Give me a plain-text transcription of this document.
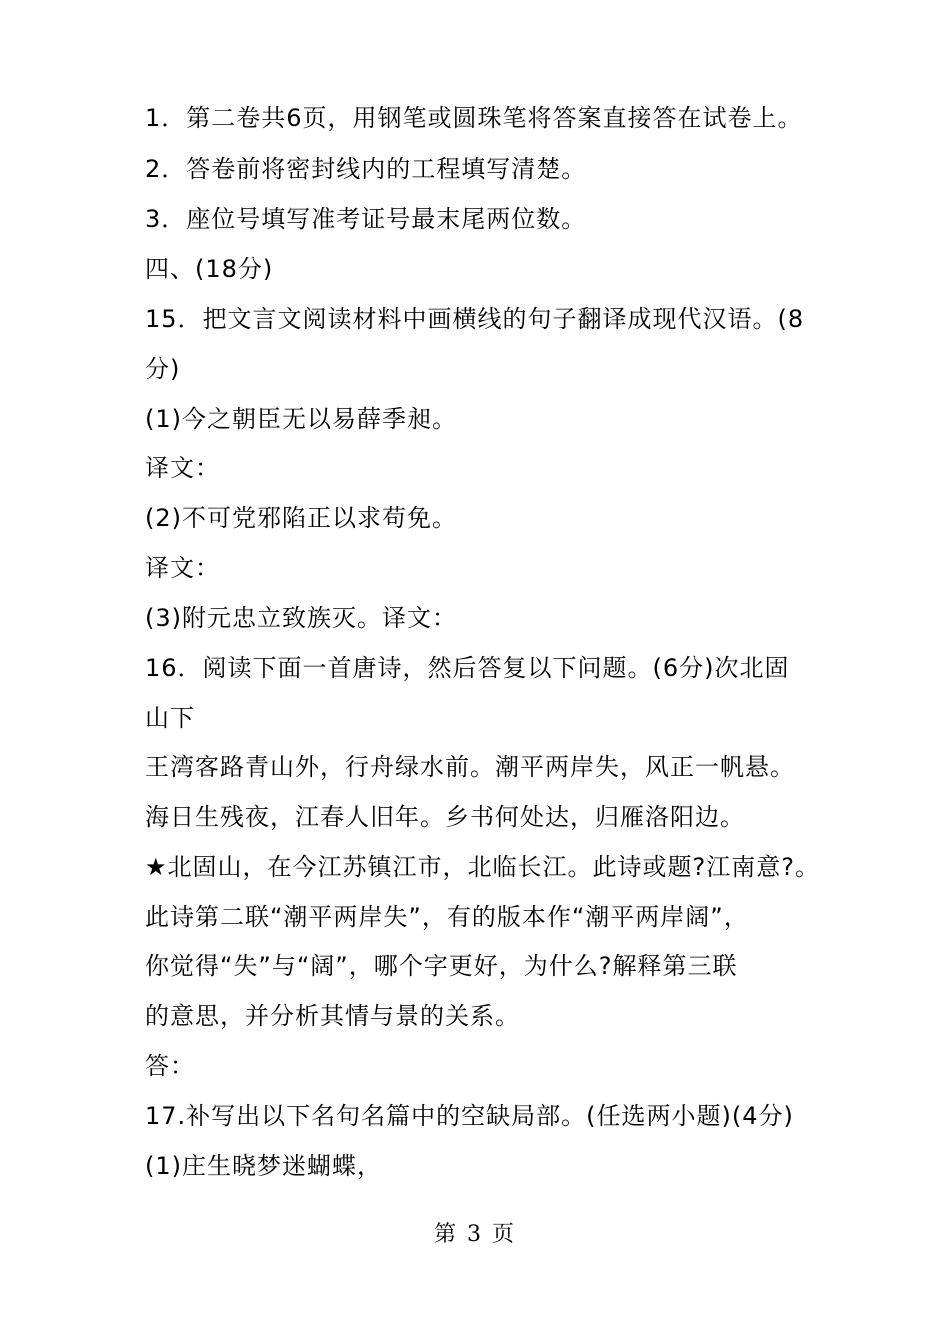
1．第二卷共6页，用钢笔或圆珠笔将答案直接答在试卷上。
2．答卷前将密封线内的工程填写清楚。
3．座位号填写准考证号最末尾两位数。
四、(18分)
15．把文言文阅读材料中画横线的句子翻译成现代汉语。(8
分)
(1)今之朝臣无以易薛季昶。
译文：
(2)不可党邪陷正以求苟免。
译文：
(3)附元忠立致族灭。译文：
16．阅读下面一首唐诗，然后答复以下问题。(6分)次北固
山下
王湾客路青山外，行舟绿水前。潮平两岸失，风正一帆悬。
海日生残夜，江春人旧年。乡书何处达，归雁洛阳边。
★北固山，在今江苏镇江市，北临长江。此诗或题?江南意?。
此诗第二联“潮平两岸失”，有的版本作“潮平两岸阔”，
你觉得“失”与“阔”，哪个字更好，为什么?解释第三联
的意思，并分析其情与景的关系。
答：
17.补写出以下名句名篇中的空缺局部。(任选两小题)(4分)
(1)庄生晓梦迷蝴蝶，
第 3 页
